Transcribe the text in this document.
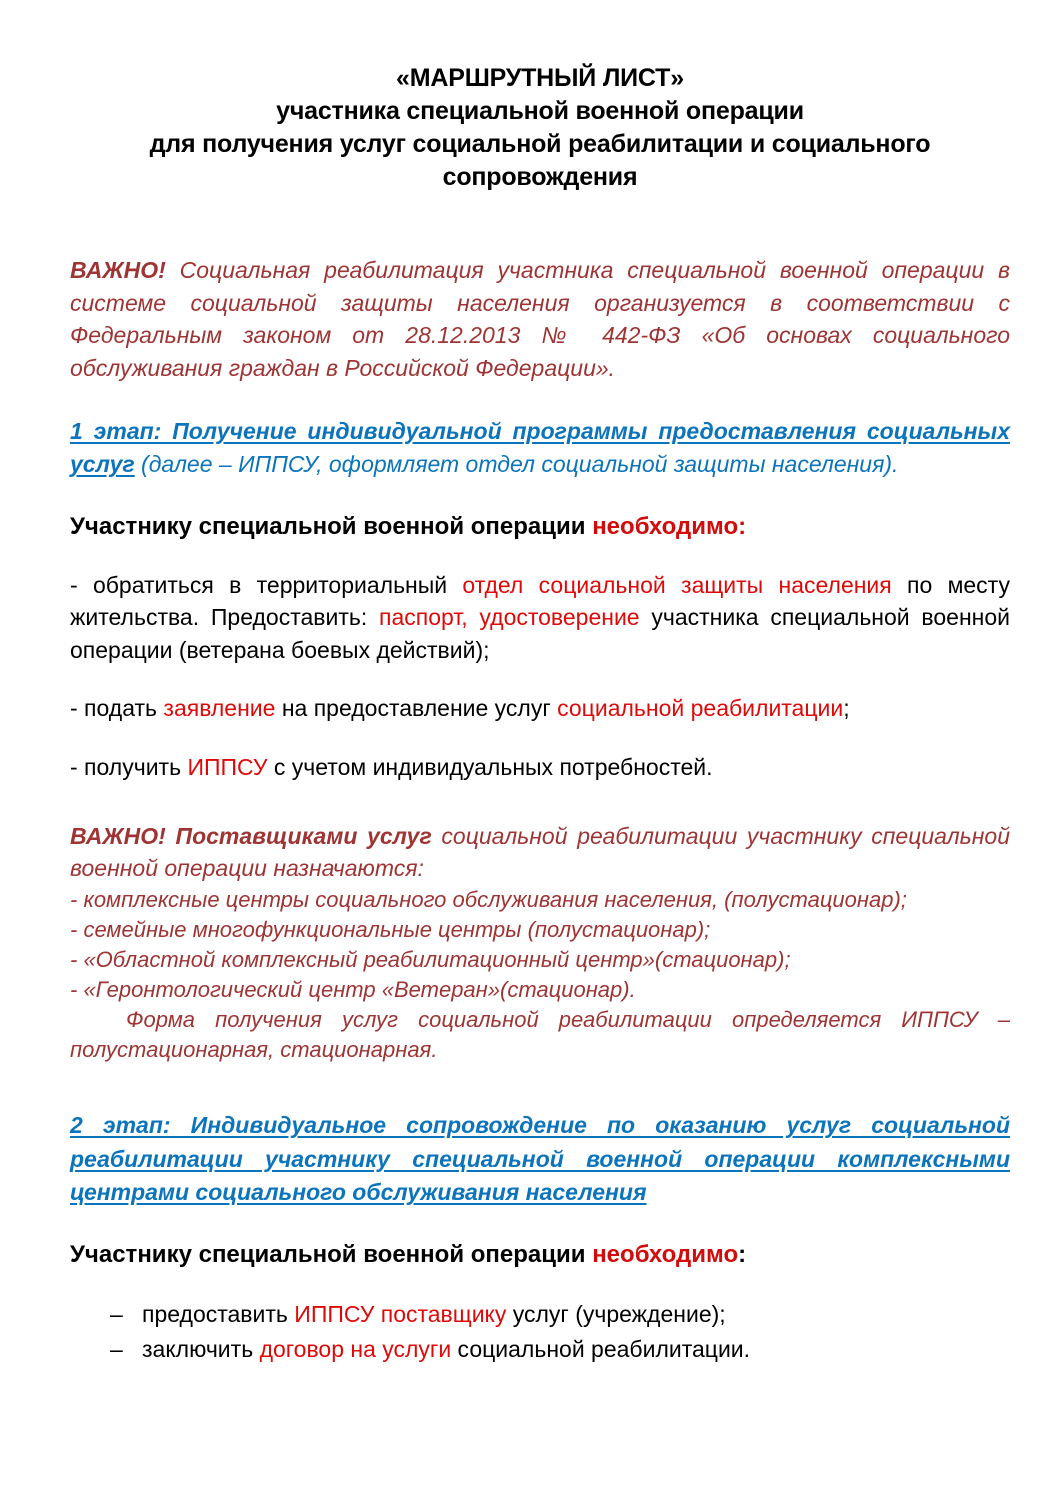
«МАРШРУТНЫЙ ЛИСТ»
участника специальной военной операции
для получения услуг социальной реабилитации и социального
сопровождения

ВАЖНО! Социальная реабилитация участника специальной военной операции в системе социальной защиты населения организуется в соответствии с Федеральным законом от 28.12.2013 № 442-ФЗ «Об основах социального обслуживания граждан в Российской Федерации».

1 этап: Получение индивидуальной программы предоставления социальных услуг (далее – ИППСУ, оформляет отдел социальной защиты населения).

Участнику специальной военной операции необходимо:

- обратиться в территориальный отдел социальной защиты населения по месту жительства. Предоставить: паспорт, удостоверение участника специальной военной операции (ветерана боевых действий);

- подать заявление на предоставление услуг социальной реабилитации;

- получить ИППСУ с учетом индивидуальных потребностей.

ВАЖНО! Поставщиками услуг социальной реабилитации участнику специальной военной операции назначаются:

- комплексные центры социального обслуживания населения, (полустационар);
- семейные многофункциональные центры (полустационар);
- «Областной комплексный реабилитационный центр»(стационар);
- «Геронтологический центр «Ветеран»(стационар).

Форма получения услуг социальной реабилитации определяется ИППСУ – полустационарная, стационарная.

2 этап: Индивидуальное сопровождение по оказанию услуг социальной реабилитации участнику специальной военной операции комплексными центрами социального обслуживания населения

Участнику специальной военной операции необходимо:

– предоставить ИППСУ поставщику услуг (учреждение);
– заключить договор на услуги социальной реабилитации.
